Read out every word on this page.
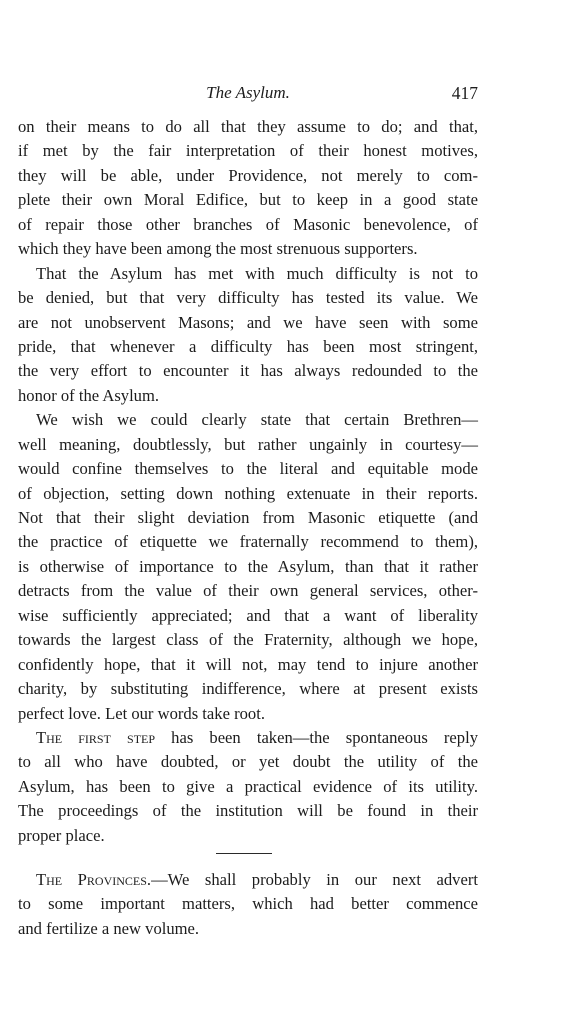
The Asylum.	417
on their means to do all that they assume to do; and that,
if met by the fair interpretation of their honest motives,
they will be able, under Providence, not merely to com-
plete their own Moral Edifice, but to keep in a good state
of repair those other branches of Masonic benevolence, of
which they have been among the most strenuous supporters.
That the Asylum has met with much difficulty is not to
be denied, but that very difficulty has tested its value. We
are not unobservent Masons; and we have seen with some
pride, that whenever a difficulty has been most stringent,
the very effort to encounter it has always redounded to the
honor of the Asylum.
We wish we could clearly state that certain Brethren—
well meaning, doubtlessly, but rather ungainly in courtesy—
would confine themselves to the literal and equitable mode
of objection, setting down nothing extenuate in their reports.
Not that their slight deviation from Masonic etiquette (and
the practice of etiquette we fraternally recommend to them),
is otherwise of importance to the Asylum, than that it rather
detracts from the value of their own general services, other-
wise sufficiently appreciated; and that a want of liberality
towards the largest class of the Fraternity, although we hope,
confidently hope, that it will not, may tend to injure another
charity, by substituting indifference, where at present exists
perfect love. Let our words take root.
The first step has been taken—the spontaneous reply
to all who have doubted, or yet doubt the utility of the
Asylum, has been to give a practical evidence of its utility.
The proceedings of the institution will be found in their
proper place.
The Provinces.—We shall probably in our next advert
to some important matters, which had better commence
and fertilize a new volume.
